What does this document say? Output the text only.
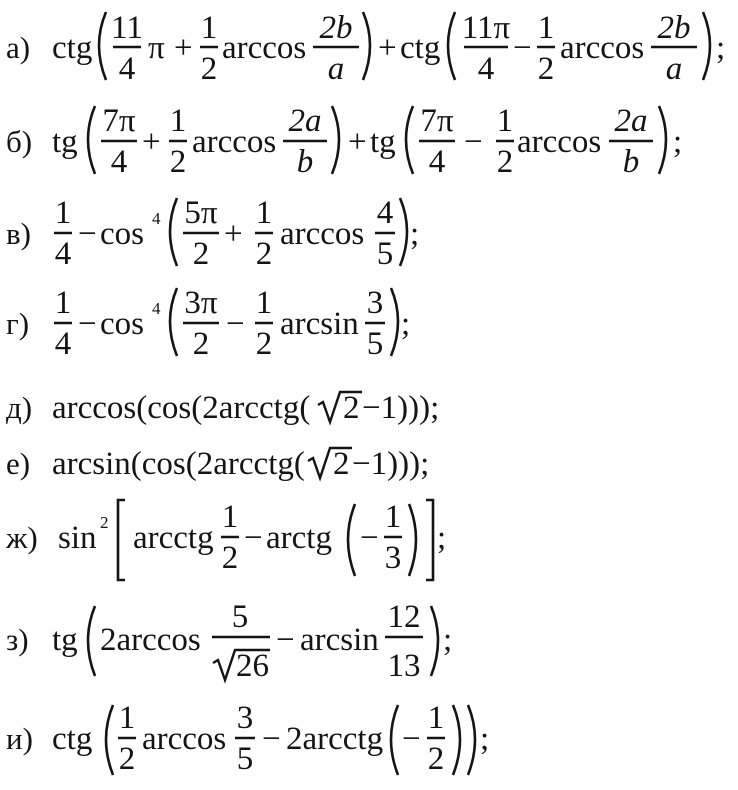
а) ctg
11
4
π +
1
2
arccos
2b
a
+ ctg
11π
4
−
1
2
arccos
2b
a
;
б) tg
7π
4
+
1
2
arccos
2a
b
+ tg
7π
4
−
1
2
arccos
2a
b
;
в)
1
4
− cos 4 5π
2
+
1
2
arccos
4
5
;
г)
1
4
− cos 4 3π
2
−
1
2
arcsin
3
5
;
д) arccos(cos(2arcctg( 2 −1)));
е) arcsin(cos(2arcctg( 2 −1)));
ж) sin 2 arcctg
1
2
− arctg −
1
3
;
з) tg 2arccos
5
26
− arcsin
12
13
;
и) ctg
1
2
arccos
3
5
− 2arcctg −
1
2
;
